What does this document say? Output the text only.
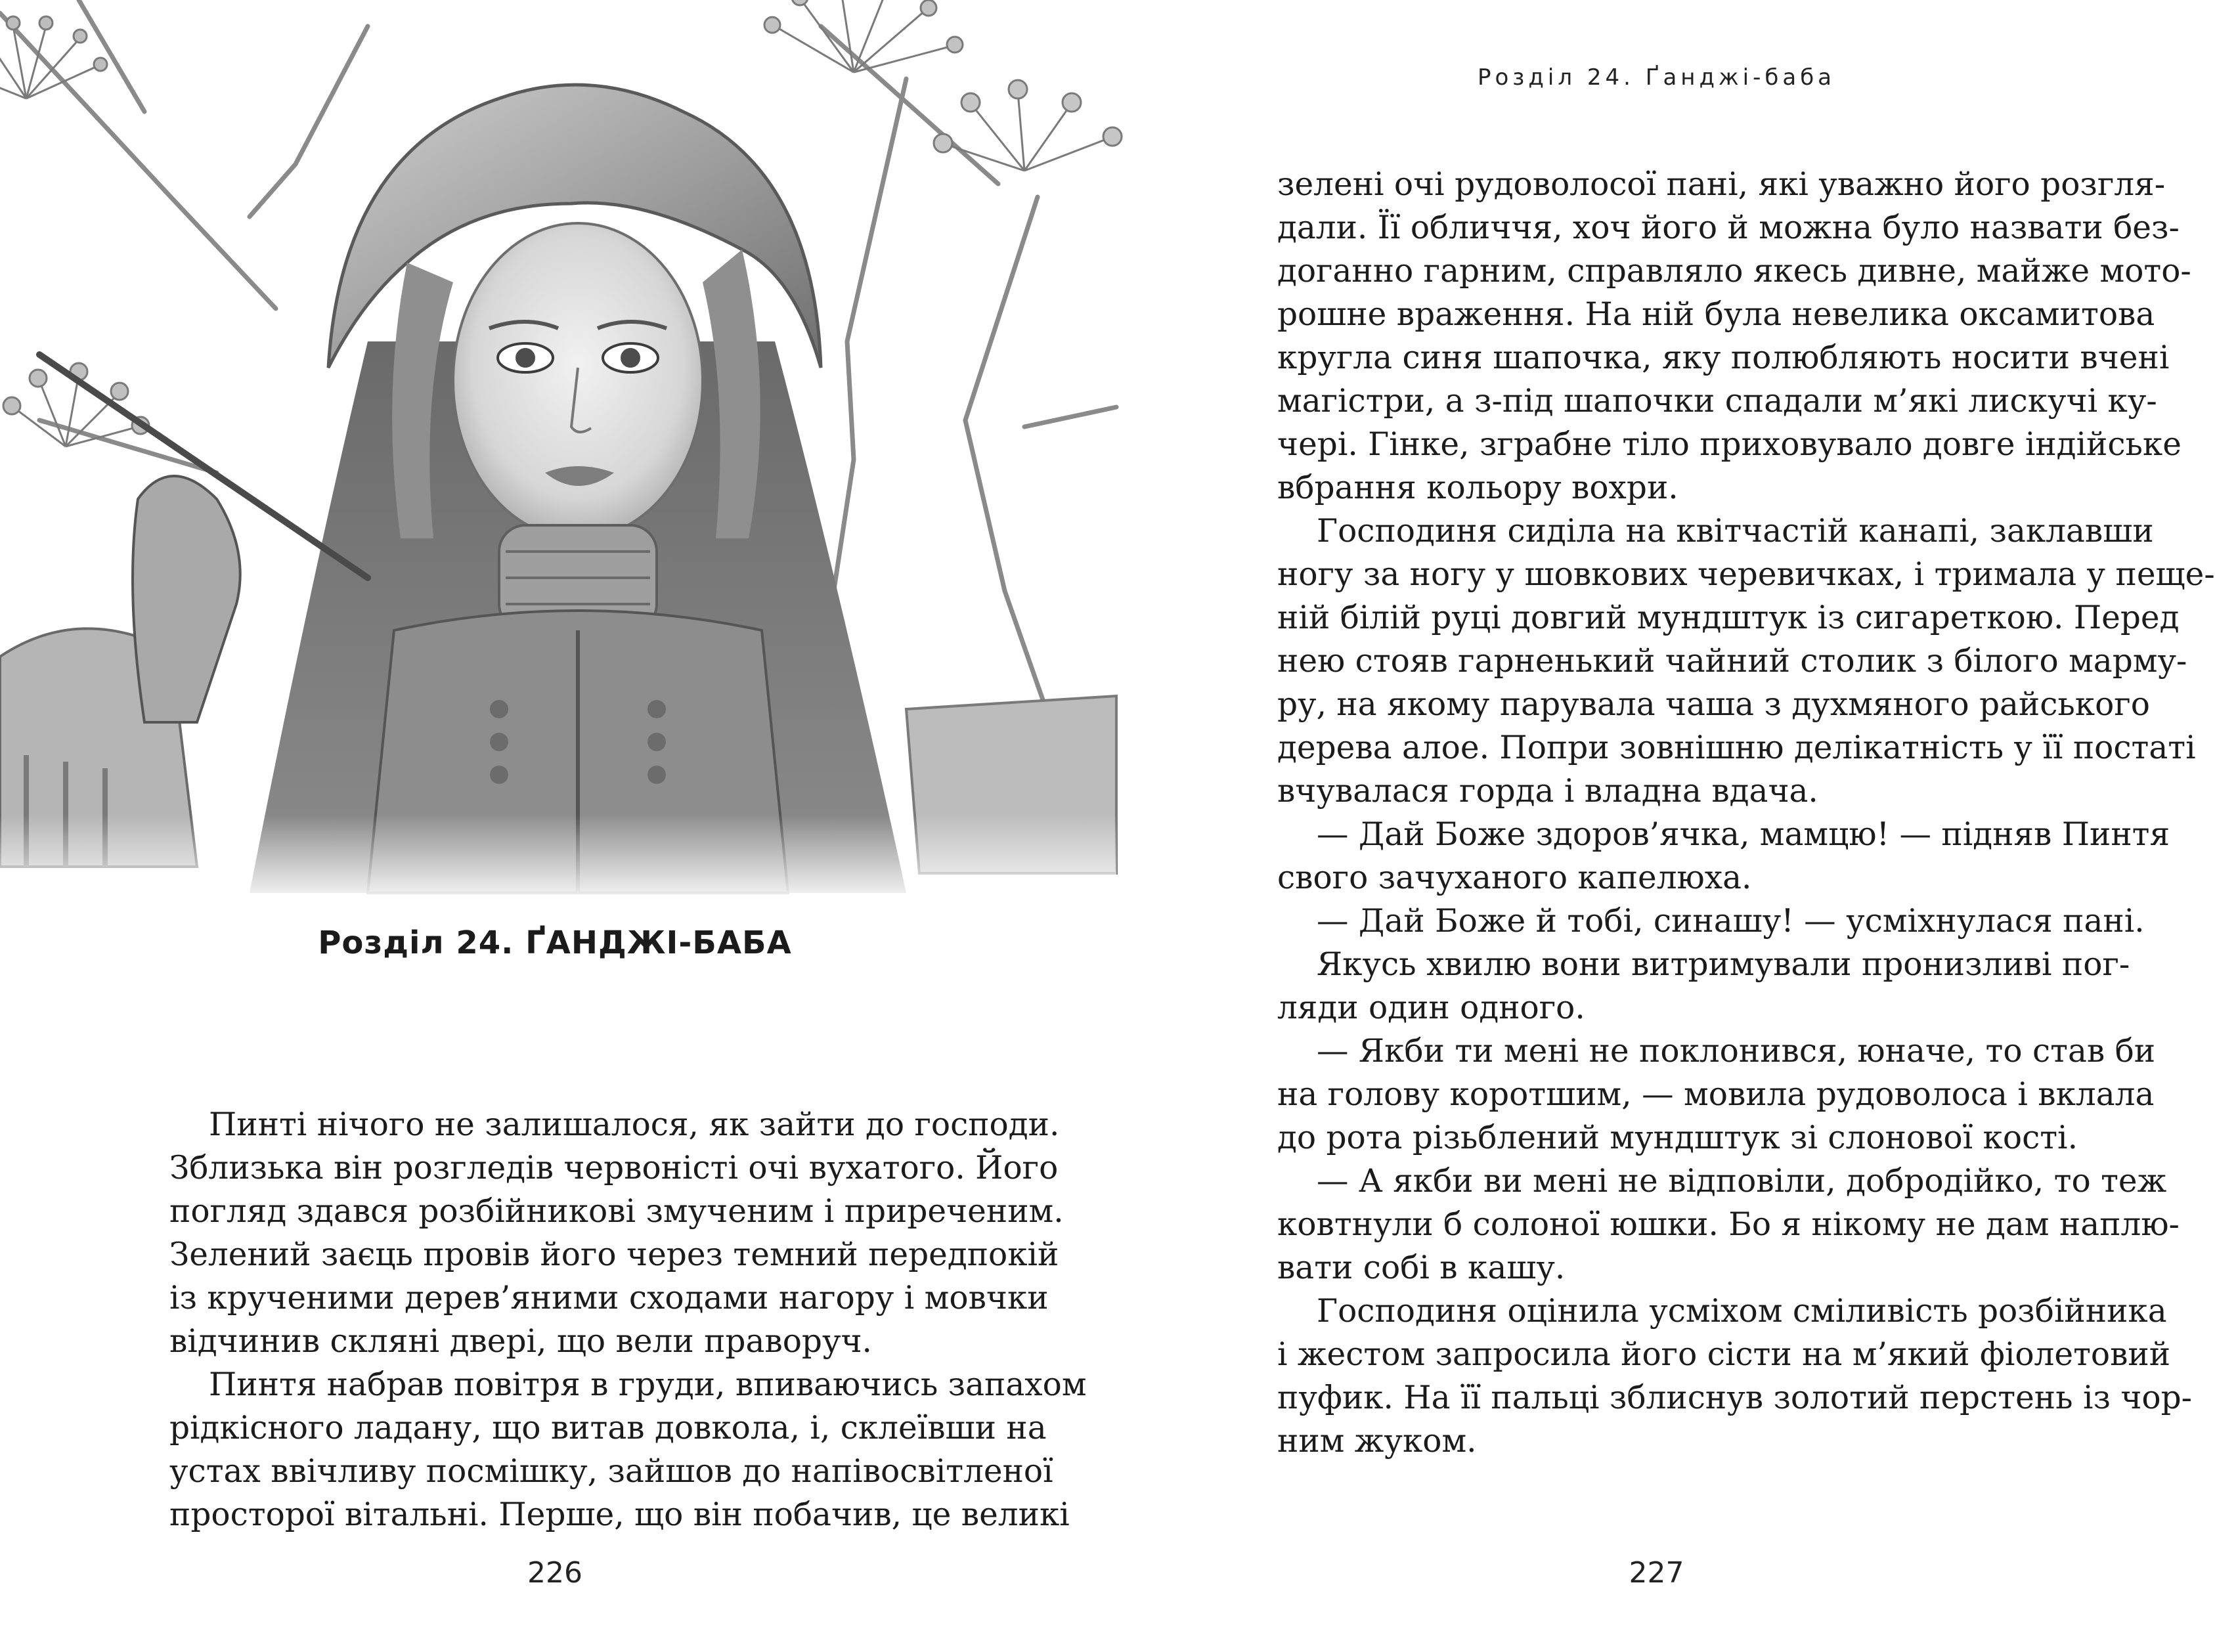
Розділ 24. ҐАНДЖІ-БАБА
Пинті нічого не залишалося, як зайти до господи.
Зблизька він розгледів червоністі очі вухатого. Його
погляд здався розбійникові змученим і приреченим.
Зелений заєць провів його через темний передпокій
із крученими дерев’яними сходами нагору і мовчки
відчинив скляні двері, що вели праворуч.
Пинтя набрав повітря в груди, впиваючись запахом
рідкісного ладану, що витав довкола, і, склеївши на
устах ввічливу посмішку, зайшов до напівосвітленої
просторої вітальні. Перше, що він побачив, це великі
226
Розділ 24. Ґанджі-баба
зелені очі рудоволосої пані, які уважно його розгля-
дали. Її обличчя, хоч його й можна було назвати без-
доганно гарним, справляло якесь дивне, майже мото-
рошне враження. На ній була невелика оксамитова
кругла синя шапочка, яку полюбляють носити вчені
магістри, а з-під шапочки спадали м’які лискучі ку-
чері. Гінке, зграбне тіло приховувало довге індійське
вбрання кольору вохри.
Господиня сиділа на квітчастій канапі, заклавши
ногу за ногу у шовкових черевичках, і тримала у пеще-
ній білій руці довгий мундштук із сигареткою. Перед
нею стояв гарненький чайний столик з білого марму-
ру, на якому парувала чаша з духмяного райського
дерева алое. Попри зовнішню делікатність у її постаті
вчувалася горда і владна вдача.
— Дай Боже здоров’ячка, мамцю! — підняв Пинтя
свого зачуханого капелюха.
— Дай Боже й тобі, синашу! — усміхнулася пані.
Якусь хвилю вони витримували пронизливі пог-
ляди один одного.
— Якби ти мені не поклонився, юначе, то став би
на голову коротшим, — мовила рудоволоса і вклала
до рота різьблений мундштук зі слонової кості.
— А якби ви мені не відповіли, добродійко, то теж
ковтнули б солоної юшки. Бо я нікому не дам наплю-
вати собі в кашу.
Господиня оцінила усміхом сміливість розбійника
і жестом запросила його сісти на м’який фіолетовий
пуфик. На її пальці зблиснув золотий перстень із чор-
ним жуком.
227
